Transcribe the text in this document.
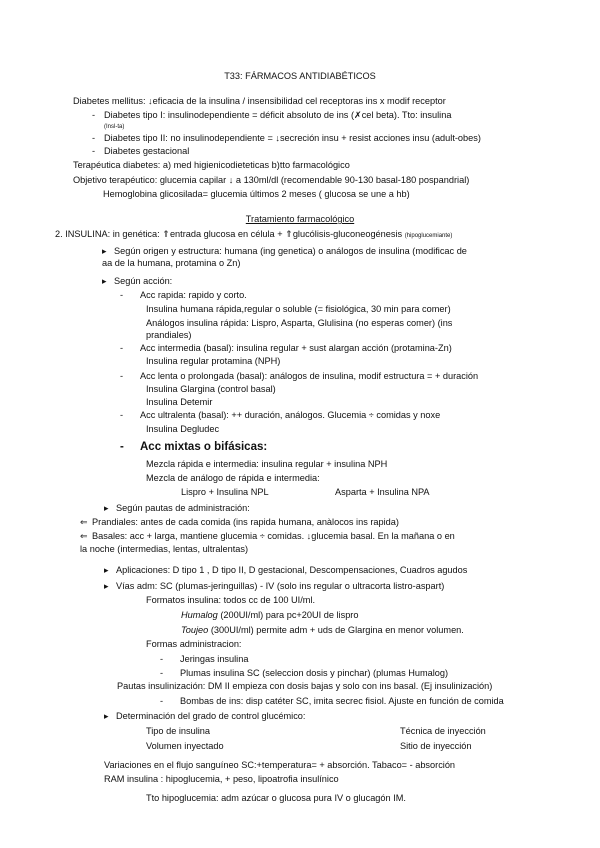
T33: FÁRMACOS ANTIDIABÉTICOS
Diabetes mellitus: ↓eficacia de la insulina / insensibilidad cel receptoras ins x modif receptor
- Diabetes tipo I: insulinodependiente = déficit absoluto de ins (✗cel beta). Tto: insulina
(Insl-ta)
- Diabetes tipo II: no insulinodependiente = ↓secreción insu + resist acciones insu (adult-obes)
- Diabetes gestacional
Terapéutica diabetes: a) med higienicodieteticas b)tto farmacológico
Objetivo terapéutico: glucemia capilar ↓ a 130ml/dl (recomendable 90-130 basal-180 pospandrial)
Hemoglobina glicosilada= glucemia últimos 2 meses ( glucosa se une a hb)
Tratamiento farmacológico
2. INSULINA: in genética: ⇑entrada glucosa en célula + ⇑glucólisis-gluconeogénesis (hipoglucemiante)
▸ Según origen y estructura: humana (ing genetica) o análogos de insulina (modificac de
aa de la humana, protamina o Zn)
▸ Según acción:
- Acc rapida: rapido y corto.
Insulina humana rápida,regular o soluble (= fisiológica, 30 min para comer)
Análogos insulina rápida: Lispro, Asparta, Glulisina (no esperas comer) (ins
prandiales)
- Acc intermedia (basal): insulina regular + sust alargan acción (protamina-Zn)
Insulina regular protamina (NPH)
- Acc lenta o prolongada (basal): análogos de insulina, modif estructura = + duración
Insulina Glargina (control basal)
Insulina Detemir
- Acc ultralenta (basal): ++ duración, análogos. Glucemia ÷ comidas y noxe
Insulina Degludec
- Acc mixtas o bifásicas:
Mezcla rápida e intermedia: insulina regular + insulina NPH
Mezcla de análogo de rápida e intermedia:
Lispro + Insulina NPL	Asparta + Insulina NPA
▸ Según pautas de administración:
⇐ Prandiales: antes de cada comida (ins rapida humana, anàlocos ins rapida)
⇐ Basales: acc + larga, mantiene glucemia ÷ comidas. ↓glucemia basal. En la mañana o en
la noche (intermedias, lentas, ultralentas)
▸ Aplicaciones: D tipo 1 , D tipo II, D gestacional, Descompensaciones, Cuadros agudos
▸ Vías adm: SC (plumas-jeringuillas) - IV (solo ins regular o ultracorta listro-aspart)
Formatos insulina: todos cc de 100 UI/ml.
Humalog (200UI/ml) para pc+20UI de lispro
Toujeo (300UI/ml) permite adm + uds de Glargina en menor volumen.
Formas administracion:
- Jeringas insulina
- Plumas insulina SC (seleccion dosis y pinchar) (plumas Humalog)
Pautas insulinización: DM II empieza con dosis bajas y solo con ins basal. (Ej insulinización)
- Bombas de ins: disp catéter SC, imita secrec fisiol. Ajuste en función de comida
▸ Determinación del grado de control glucémico:
Tipo de insulina	Técnica de inyección
Volumen inyectado	Sitio de inyección
Variaciones en el flujo sanguíneo SC:+temperatura= + absorción. Tabaco= - absorción
RAM insulina : hipoglucemia, + peso, lipoatrofia insulínico
Tto hipoglucemia: adm azúcar o glucosa pura IV o glucagón IM.
